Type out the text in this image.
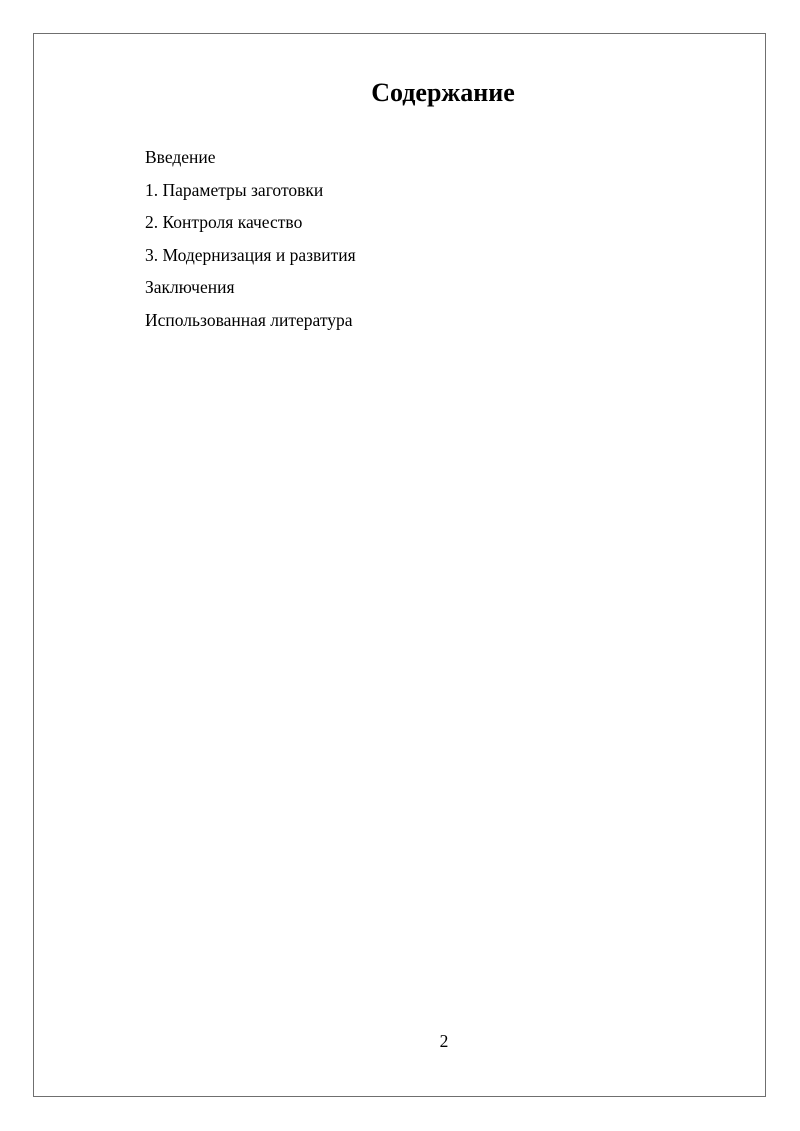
Содержание
Введение
1. Параметры заготовки
2. Контроля качество
3. Модернизация и развития
Заключения
Использованная литература
2
